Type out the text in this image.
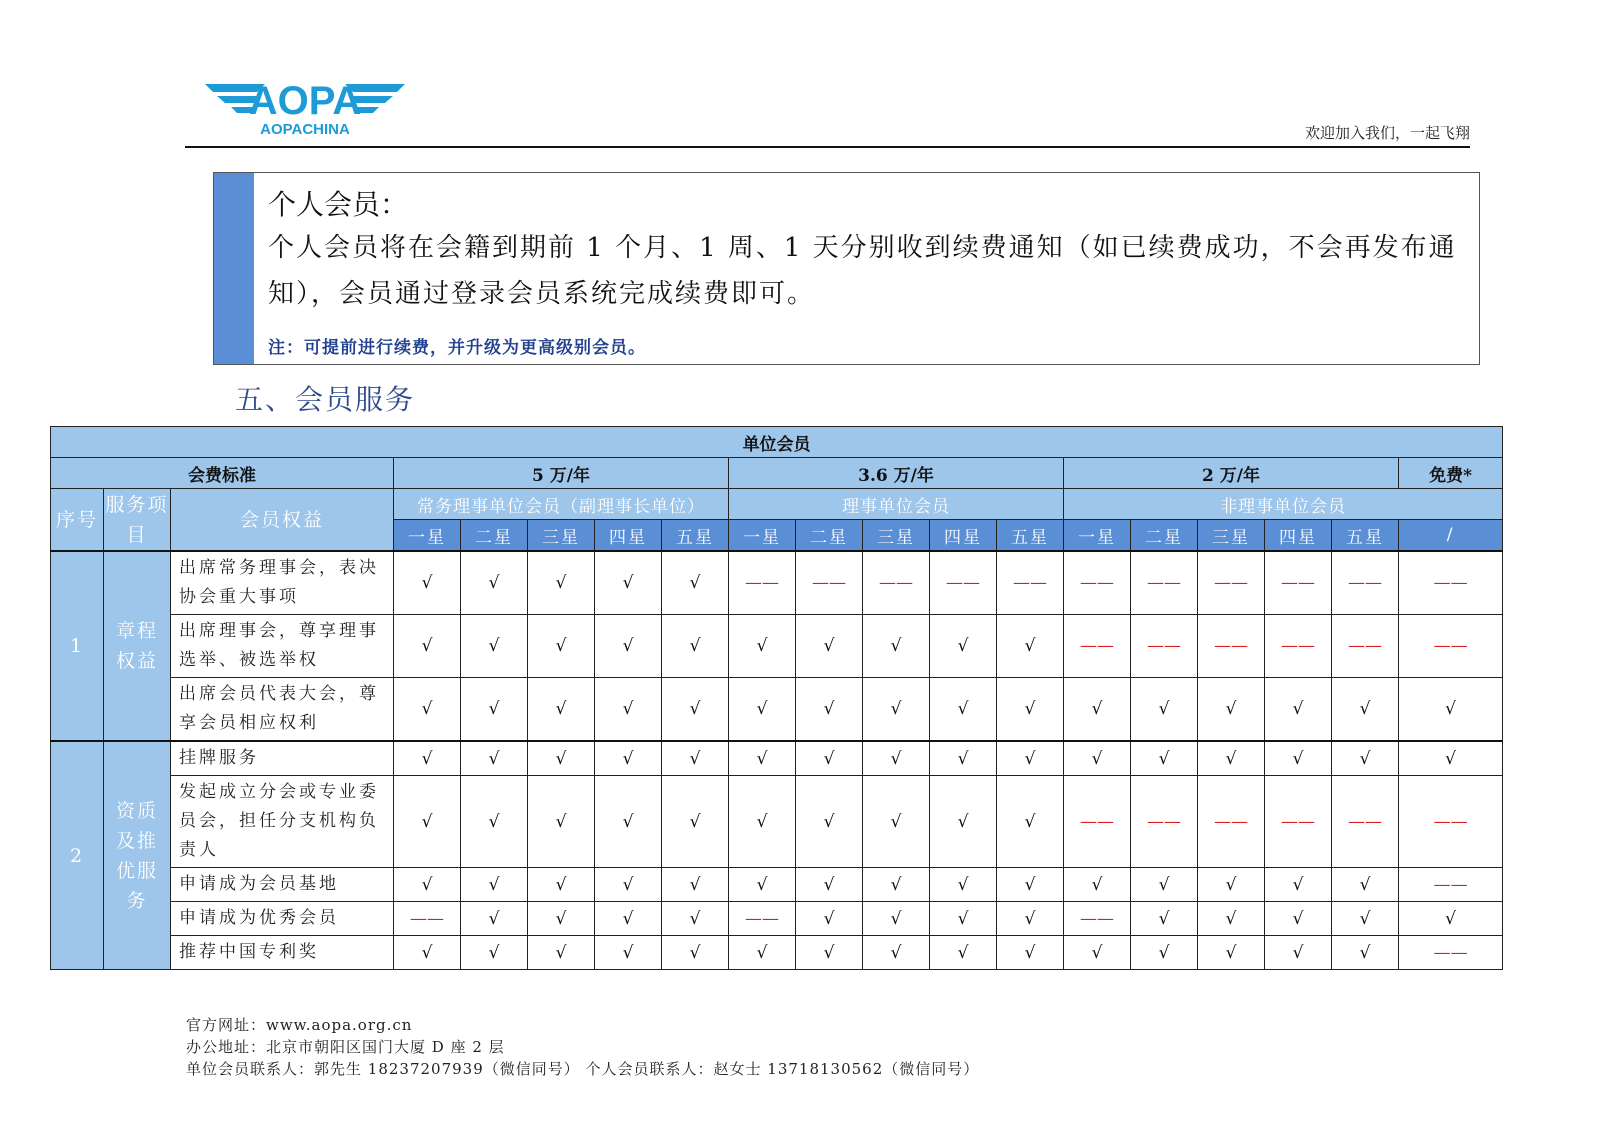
AOPA
AOPACHINA	欢迎加入我们，一起飞翔
个人会员：
个人会员将在会籍到期前 1 个月、1 周、1 天分别收到续费通知（如已续费成功，不会再发布通知），会员通过登录会员系统完成续费即可。
注：可提前进行续费，并升级为更高级别会员。
五、会员服务
单位会员																		
会费标准			5 万/年					3.6 万/年					2 万/年					免费*
序号	服务项目	会员权益	常务理事单位会员（副理事长单位）					理事单位会员					非理事单位会员					
			一星	二星	三星	四星	五星	一星	二星	三星	四星	五星	一星	二星	三星	四星	五星	/
1	章程权益	出席常务理事会，表决协会重大事项	√	√	√	√	√	——	——	——	——	——	——	——	——	——	——	——
		出席理事会，尊享理事选举、被选举权	√	√	√	√	√	√	√	√	√	√	——	——	——	——	——	——
		出席会员代表大会，尊享会员相应权利	√	√	√	√	√	√	√	√	√	√	√	√	√	√	√	√
2	资质及推优服务	挂牌服务	√	√	√	√	√	√	√	√	√	√	√	√	√	√	√	√
		发起成立分会或专业委员会，担任分支机构负责人	√	√	√	√	√	√	√	√	√	√	——	——	——	——	——	——
		申请成为会员基地	√	√	√	√	√	√	√	√	√	√	√	√	√	√	√	——
		申请成为优秀会员	——	√	√	√	√	——	√	√	√	√	——	√	√	√	√	√
		推荐中国专利奖	√	√	√	√	√	√	√	√	√	√	√	√	√	√	√	——
官方网址：www.aopa.org.cn
办公地址：北京市朝阳区国门大厦 D 座 2 层
单位会员联系人：郭先生 18237207939（微信同号） 个人会员联系人：赵女士 13718130562（微信同号）
